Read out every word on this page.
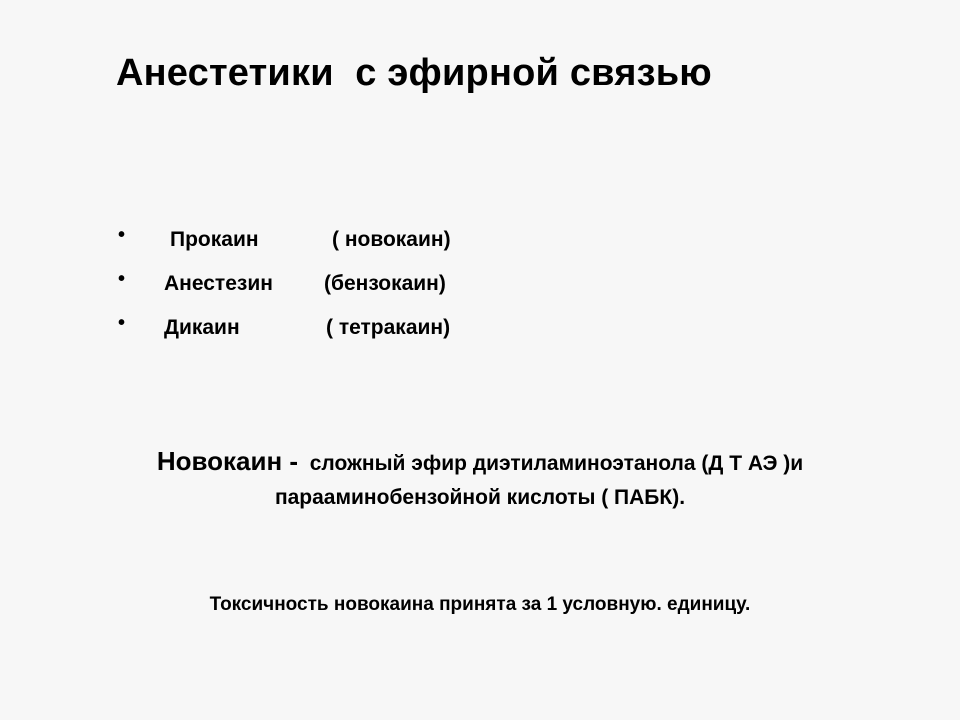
Анестетики  с эфирной связью
• Прокаин	( новокаин)
• Анестезин (бензокаин)
• Дикаин	( тетракаин)
Новокаин -  сложный эфир диэтиламиноэтанола (Д Т АЭ )и
парааминобензойной кислоты ( ПАБК).
Токсичность новокаина принята за 1 условную. единицу.
